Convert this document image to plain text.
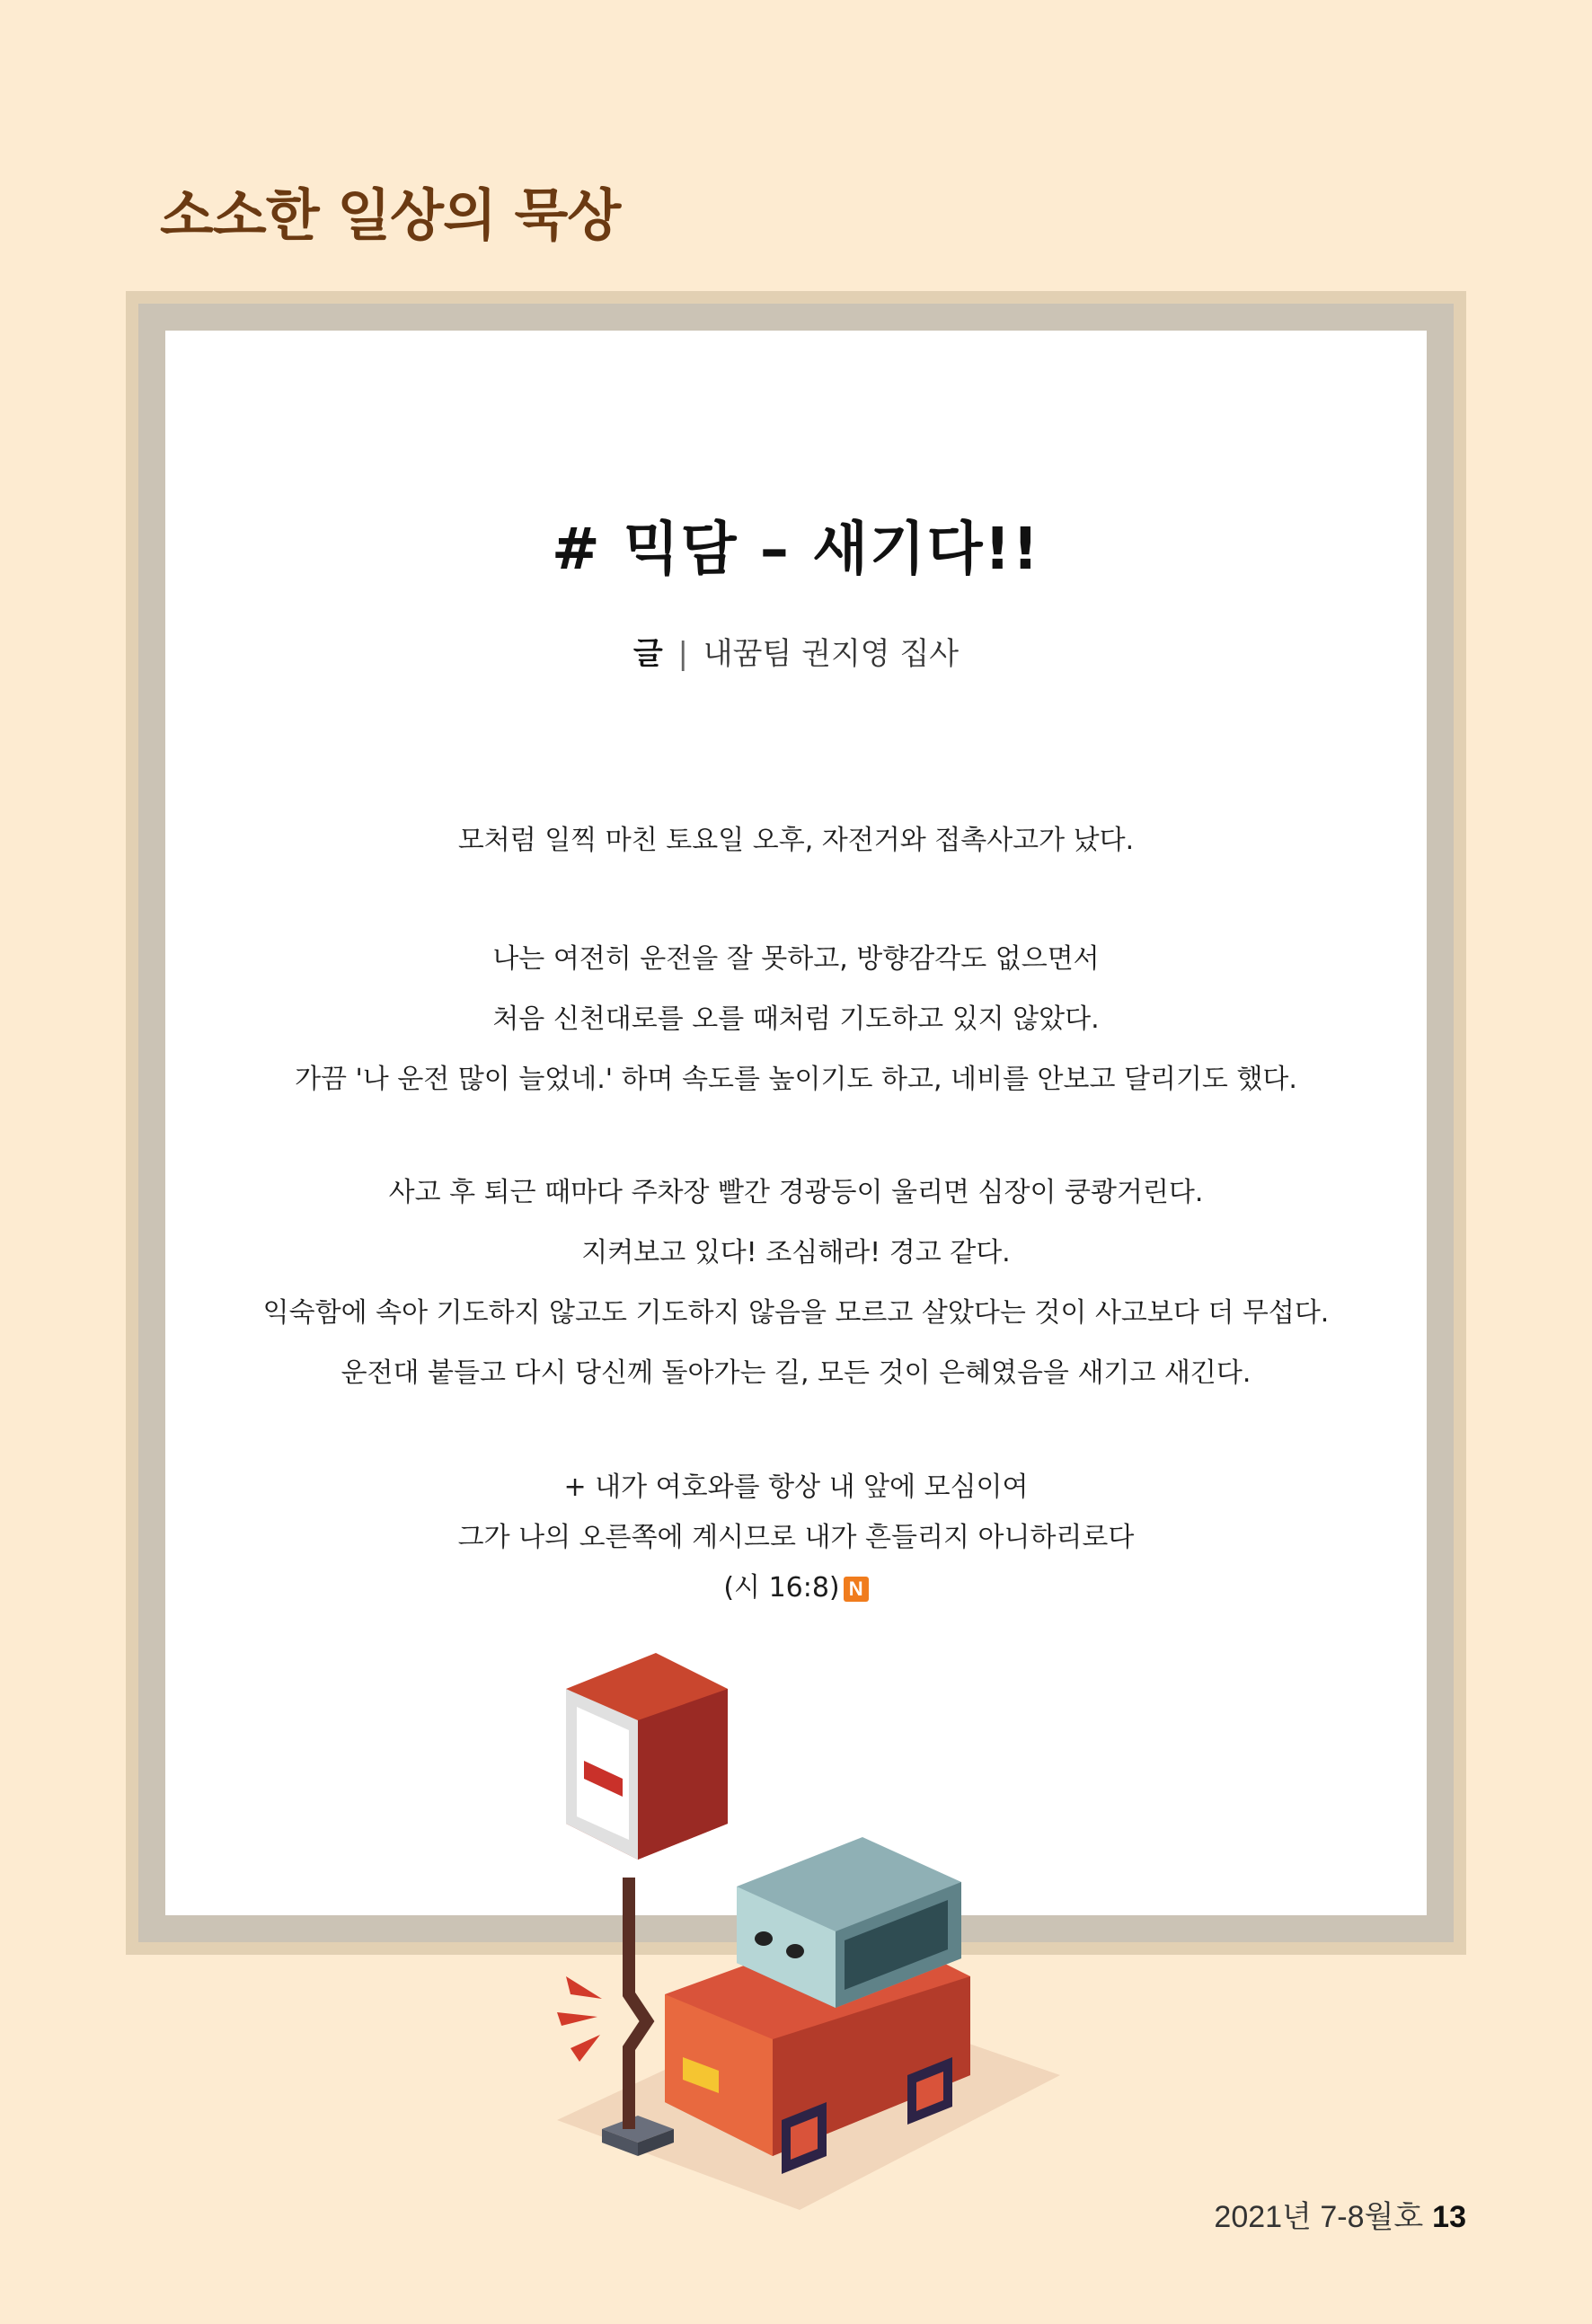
소소한 일상의 묵상
# 믹담 – 새기다!!
글 | 내꿈팀 권지영 집사
모처럼 일찍 마친 토요일 오후, 자전거와 접촉사고가 났다.
나는 여전히 운전을 잘 못하고, 방향감각도 없으면서
처음 신천대로를 오를 때처럼 기도하고 있지 않았다.
가끔 '나 운전 많이 늘었네.' 하며 속도를 높이기도 하고, 네비를 안보고 달리기도 했다.
사고 후 퇴근 때마다 주차장 빨간 경광등이 울리면 심장이 쿵쾅거린다.
지켜보고 있다! 조심해라! 경고 같다.
익숙함에 속아 기도하지 않고도 기도하지 않음을 모르고 살았다는 것이 사고보다 더 무섭다.
운전대 붙들고 다시 당신께 돌아가는 길, 모든 것이 은혜였음을 새기고 새긴다.
+ 내가 여호와를 항상 내 앞에 모심이여
그가 나의 오른쪽에 계시므로 내가 흔들리지 아니하리로다
(시 16:8) N
2021년 7-8월호 13
